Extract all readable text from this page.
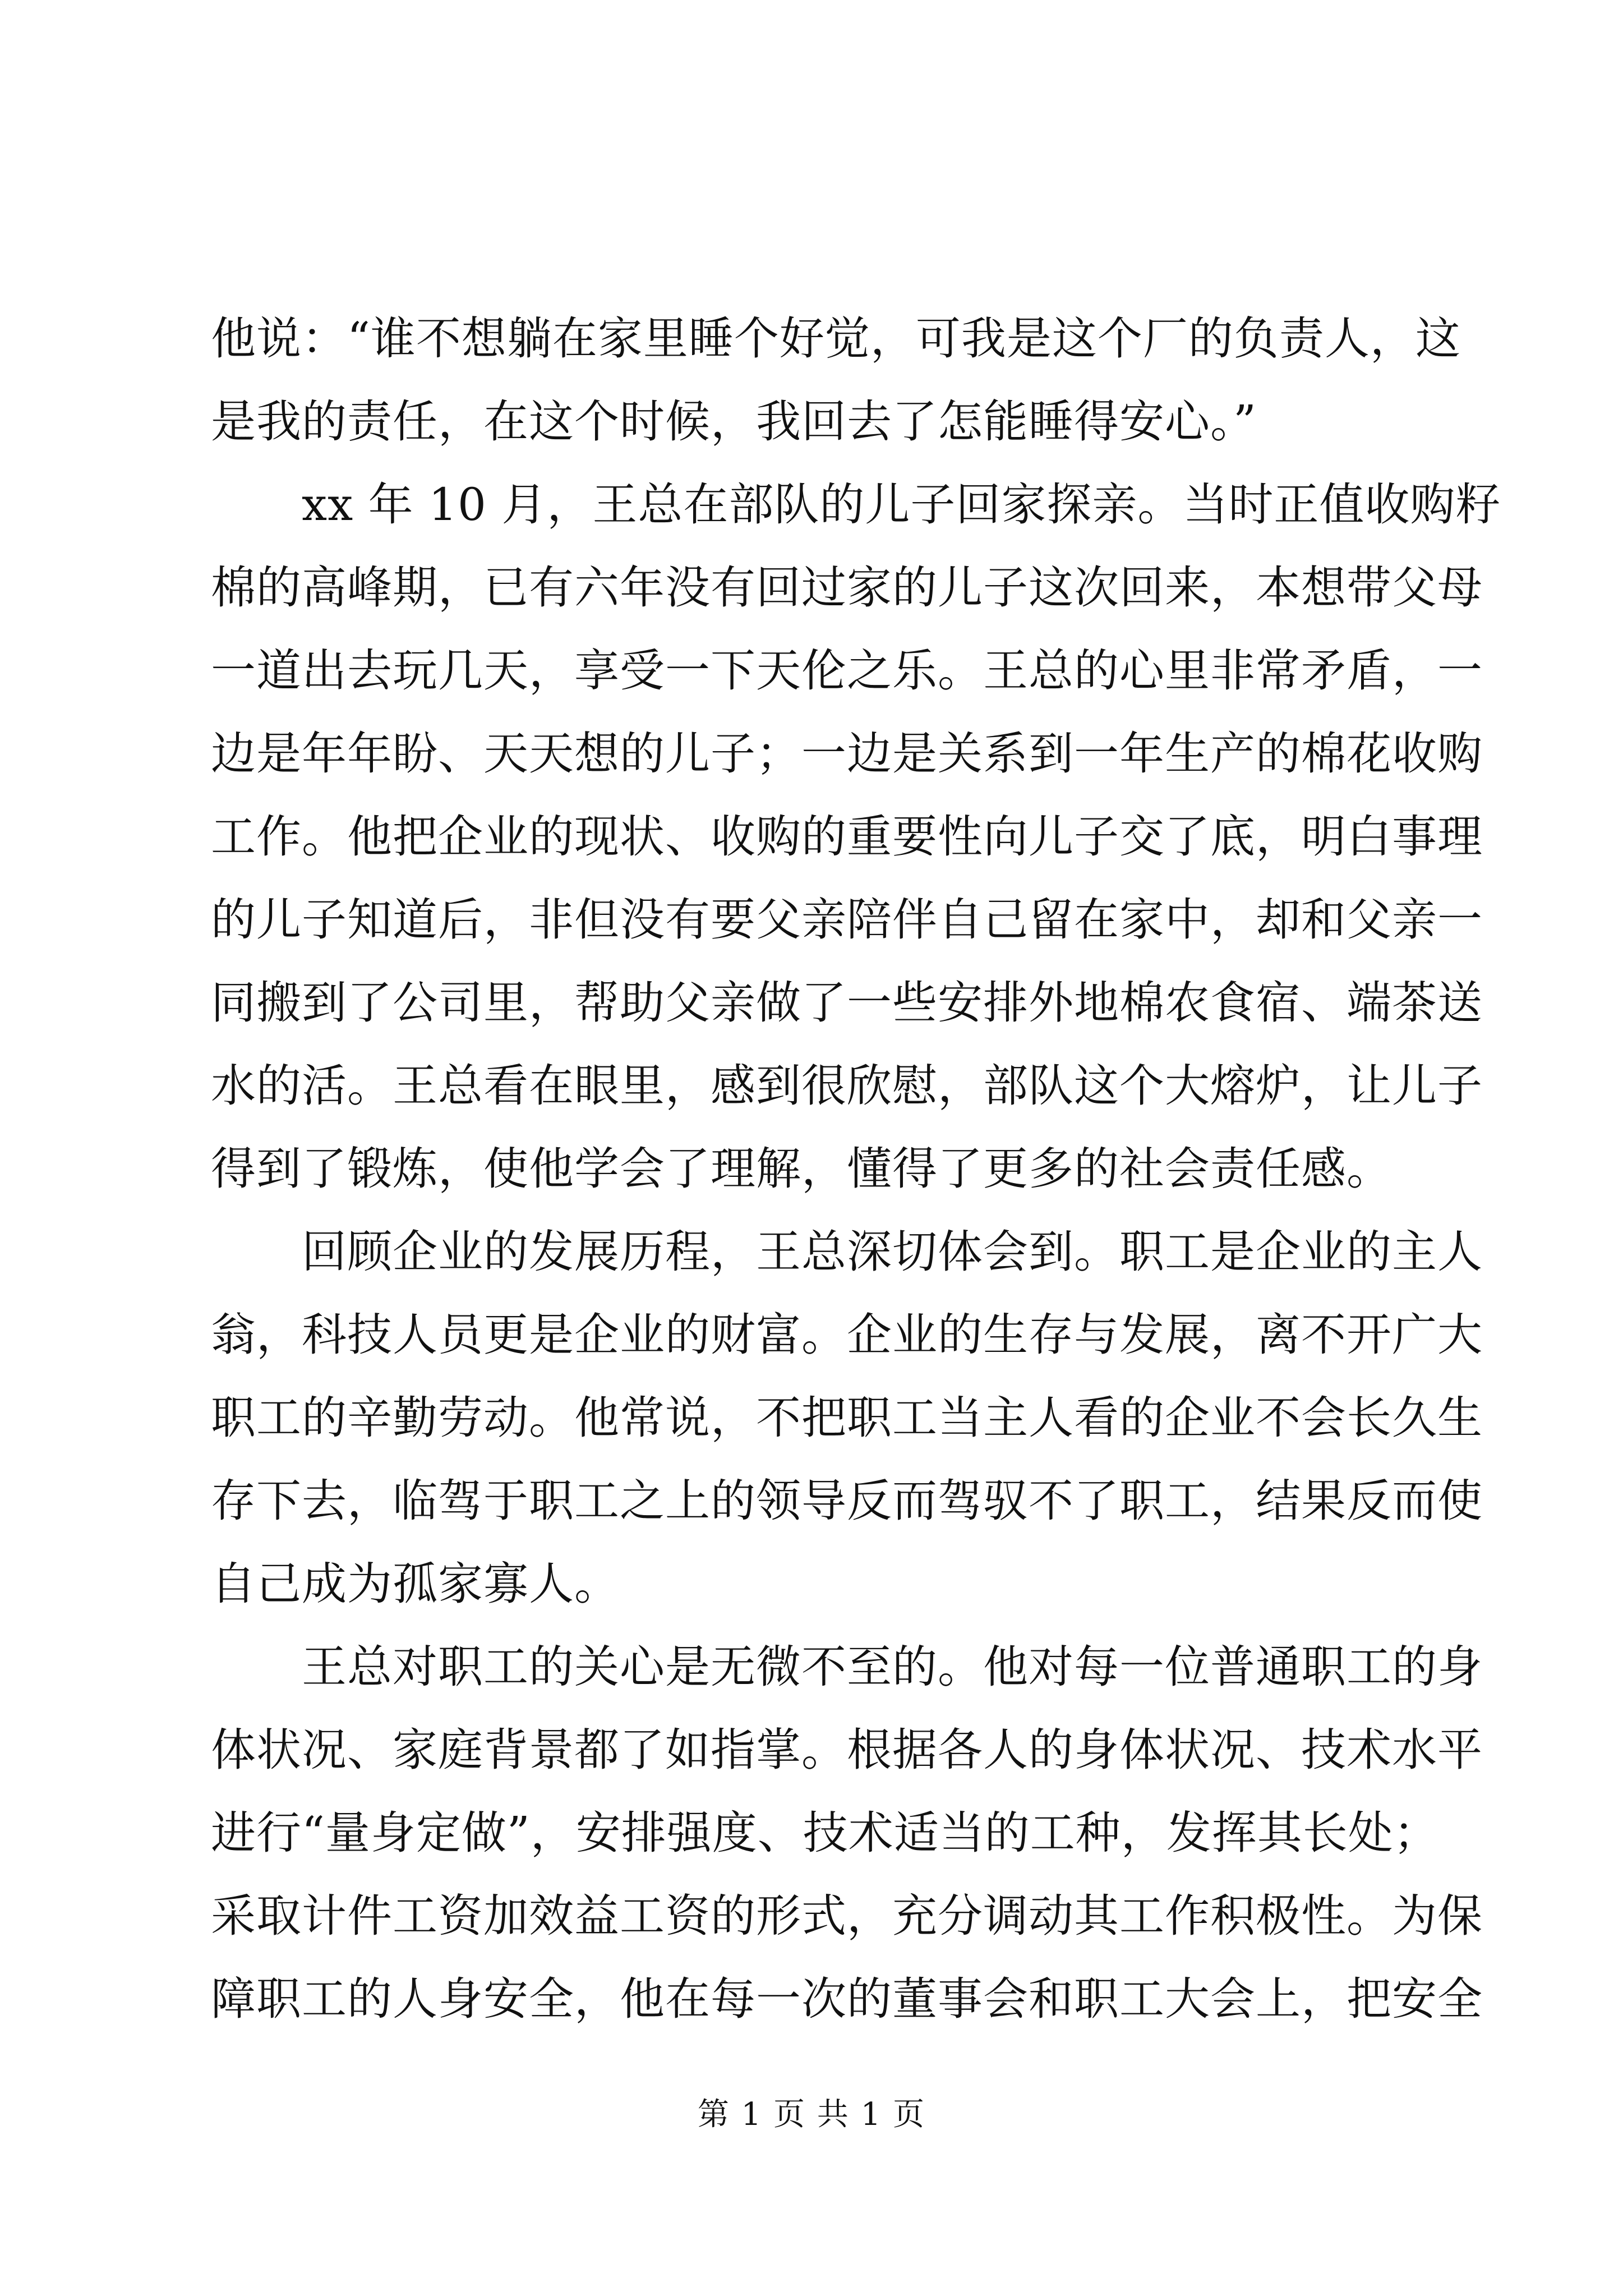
他说：“谁不想躺在家里睡个好觉，可我是这个厂的负责人，这
是我的责任，在这个时候，我回去了怎能睡得安心。”
　　xx 年 10 月，王总在部队的儿子回家探亲。当时正值收购籽
棉的高峰期，已有六年没有回过家的儿子这次回来，本想带父母
一道出去玩几天，享受一下天伦之乐。王总的心里非常矛盾，一
边是年年盼、天天想的儿子；一边是关系到一年生产的棉花收购
工作。他把企业的现状、收购的重要性向儿子交了底，明白事理
的儿子知道后，非但没有要父亲陪伴自己留在家中，却和父亲一
同搬到了公司里，帮助父亲做了一些安排外地棉农食宿、端茶送
水的活。王总看在眼里，感到很欣慰，部队这个大熔炉，让儿子
得到了锻炼，使他学会了理解，懂得了更多的社会责任感。
　　回顾企业的发展历程，王总深切体会到。职工是企业的主人
翁，科技人员更是企业的财富。企业的生存与发展，离不开广大
职工的辛勤劳动。他常说，不把职工当主人看的企业不会长久生
存下去，临驾于职工之上的领导反而驾驭不了职工，结果反而使
自己成为孤家寡人。
　　王总对职工的关心是无微不至的。他对每一位普通职工的身
体状况、家庭背景都了如指掌。根据各人的身体状况、技术水平
进行“量身定做”，安排强度、技术适当的工种，发挥其长处；
采取计件工资加效益工资的形式，充分调动其工作积极性。为保
障职工的人身安全，他在每一次的董事会和职工大会上，把安全
第 1 页 共 1 页
